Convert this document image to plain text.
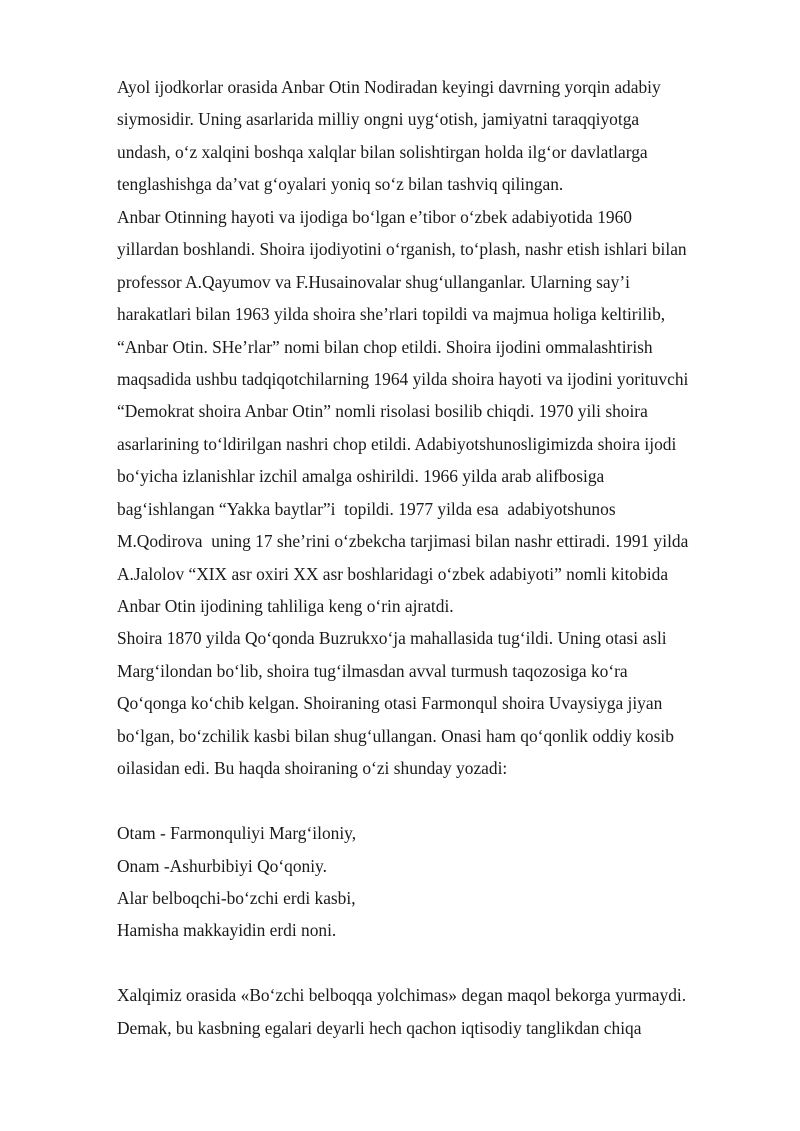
Ayol ijodkorlar orasida Anbar Otin Nodiradan keyingi davrning yorqin adabiy
siymosidir. Uning asarlarida milliy ongni uyg‘otish, jamiyatni taraqqiyotga
undash, o‘z xalqini boshqa xalqlar bilan solishtirgan holda ilg‘or davlatlarga
tenglashishga da’vat g‘oyalari yoniq so‘z bilan tashviq qilingan.
Anbar Otinning hayoti va ijodiga bo‘lgan e’tibor o‘zbek adabiyotida 1960
yillardan boshlandi. Shoira ijodiyotini o‘rganish, to‘plash, nashr etish ishlari bilan
professor A.Qayumov va F.Husainovalar shug‘ullanganlar. Ularning say’i
harakatlari bilan 1963 yilda shoira she’rlari topildi va majmua holiga keltirilib,
“Anbar Otin. SHe’rlar” nomi bilan chop etildi. Shoira ijodini ommalashtirish
maqsadida ushbu tadqiqotchilarning 1964 yilda shoira hayoti va ijodini yorituvchi
“Demokrat shoira Anbar Otin” nomli risolasi bosilib chiqdi. 1970 yili shoira
asarlarining to‘ldirilgan nashri chop etildi. Adabiyotshunosligimizda shoira ijodi
bo‘yicha izlanishlar izchil amalga oshirildi. 1966 yilda arab alifbosiga
bag‘ishlangan “Yakka baytlar”i  topildi. 1977 yilda esa  adabiyotshunos
M.Qodirova  uning 17 she’rini o‘zbekcha tarjimasi bilan nashr ettiradi. 1991 yilda
A.Jalolov “XIX asr oxiri XX asr boshlaridagi o‘zbek adabiyoti” nomli kitobida
Anbar Otin ijodining tahliliga keng o‘rin ajratdi.
Shoira 1870 yilda Qo‘qonda Buzrukxo‘ja mahallasida tug‘ildi. Uning otasi asli
Marg‘ilondan bo‘lib, shoira tug‘ilmasdan avval turmush taqozosiga ko‘ra
Qo‘qonga ko‘chib kelgan. Shoiraning otasi Farmonqul shoira Uvaysiyga jiyan
bo‘lgan, bo‘zchilik kasbi bilan shug‘ullangan. Onasi ham qo‘qonlik oddiy kosib
oilasidan edi. Bu haqda shoiraning o‘zi shunday yozadi:
Otam - Farmonquliyi Marg‘iloniy,
Onam -Ashurbibiyi Qo‘qoniy.
Alar belboqchi-bo‘zchi erdi kasbi,
Hamisha makkayidin erdi noni.
Xalqimiz orasida «Bo‘zchi belboqqa yolchimas» degan maqol bekorga yurmaydi.
Demak, bu kasbning egalari deyarli hech qachon iqtisodiy tanglikdan chiqa
